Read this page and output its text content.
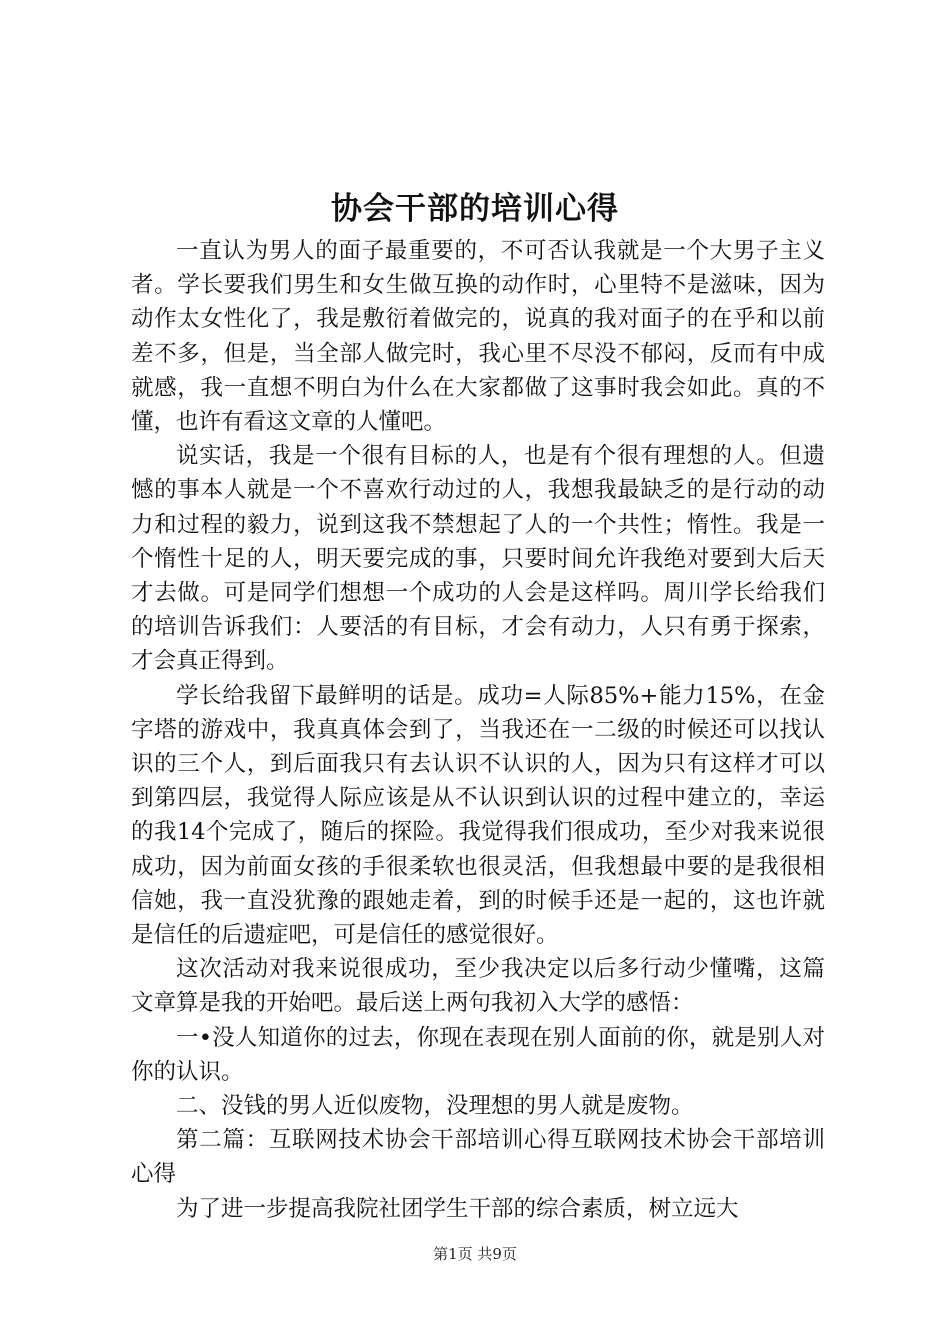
协会干部的培训心得

一直认为男人的面子最重要的，不可否认我就是一个大男子主义者。学长要我们男生和女生做互换的动作时，心里特不是滋味，因为动作太女性化了，我是敷衍着做完的，说真的我对面子的在乎和以前差不多，但是，当全部人做完时，我心里不尽没不郁闷，反而有中成就感，我一直想不明白为什么在大家都做了这事时我会如此。真的不懂，也许有看这文章的人懂吧。

说实话，我是一个很有目标的人，也是有个很有理想的人。但遗憾的事本人就是一个不喜欢行动过的人，我想我最缺乏的是行动的动力和过程的毅力，说到这我不禁想起了人的一个共性；惰性。我是一个惰性十足的人，明天要完成的事，只要时间允许我绝对要到大后天才去做。可是同学们想想一个成功的人会是这样吗。周川学长给我们的培训告诉我们：人要活的有目标，才会有动力，人只有勇于探索，才会真正得到。

学长给我留下最鲜明的话是。成功=人际85%+能力15%，在金字塔的游戏中，我真真体会到了，当我还在一二级的时候还可以找认识的三个人，到后面我只有去认识不认识的人，因为只有这样才可以到第四层，我觉得人际应该是从不认识到认识的过程中建立的，幸运的我14个完成了，随后的探险。我觉得我们很成功，至少对我来说很成功，因为前面女孩的手很柔软也很灵活，但我想最中要的是我很相信她，我一直没犹豫的跟她走着，到的时候手还是一起的，这也许就是信任的后遗症吧，可是信任的感觉很好。

这次活动对我来说很成功，至少我决定以后多行动少懂嘴，这篇文章算是我的开始吧。最后送上两句我初入大学的感悟：

一•没人知道你的过去，你现在表现在别人面前的你，就是别人对你的认识。

二、没钱的男人近似废物，没理想的男人就是废物。

第二篇：互联网技术协会干部培训心得互联网技术协会干部培训心得

为了进一步提高我院社团学生干部的综合素质，树立远大

第1页 共9页
